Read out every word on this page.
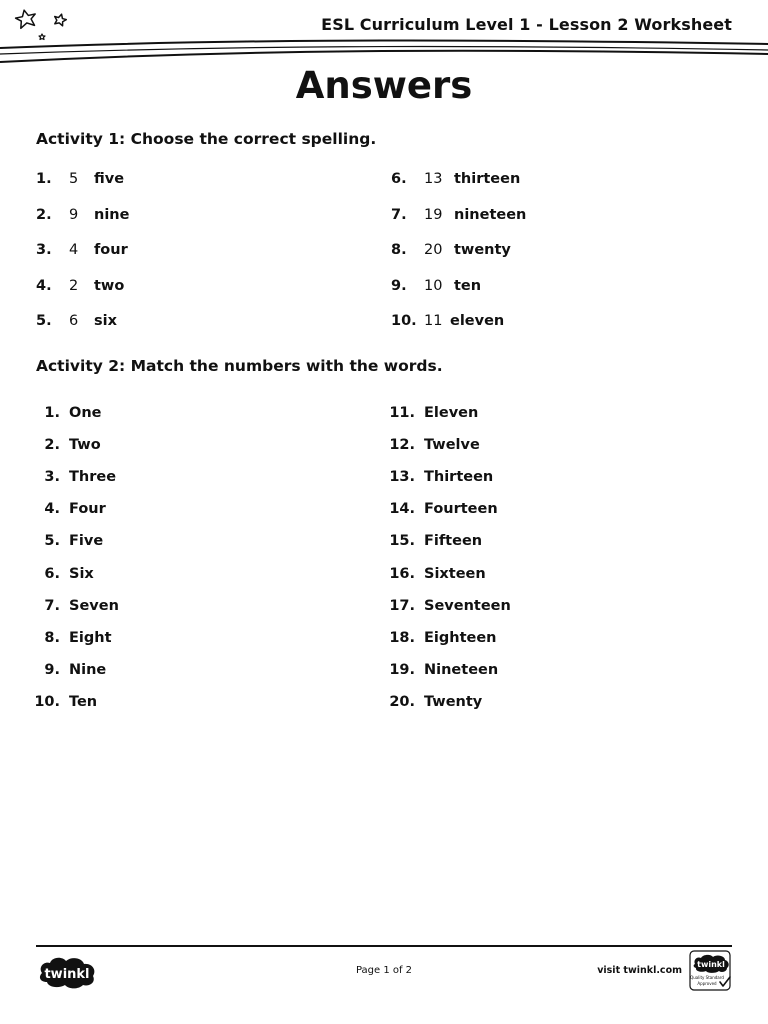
ESL Curriculum Level 1 - Lesson 2 Worksheet
Answers
Activity 1: Choose the correct spelling.
1. 5 five
2. 9 nine
3. 4 four
4. 2 two
5. 6 six
6. 13 thirteen
7. 19 nineteen
8. 20 twenty
9. 10 ten
10. 11 eleven
Activity 2: Match the numbers with the words.
1. One
2. Two
3. Three
4. Four
5. Five
6. Six
7. Seven
8. Eight
9. Nine
10. Ten
11. Eleven
12. Twelve
13. Thirteen
14. Fourteen
15. Fifteen
16. Sixteen
17. Seventeen
18. Eighteen
19. Nineteen
20. Twenty
twinkl	Page 1 of 2	visit twinkl.com
twinkl
Quality Standard
Approved
